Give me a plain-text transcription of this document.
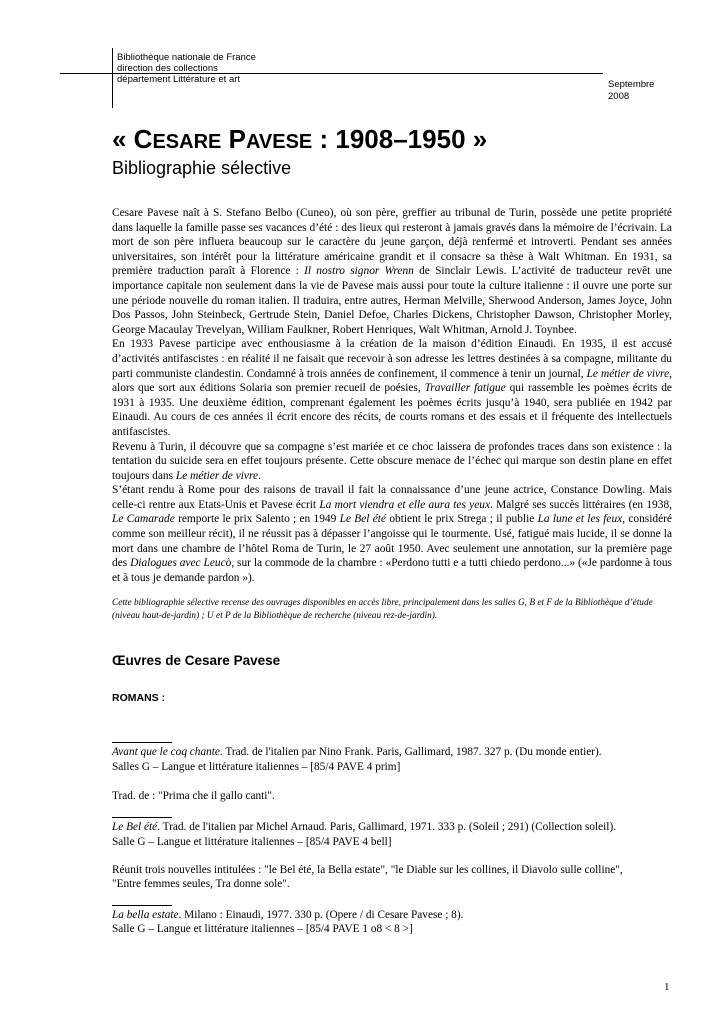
Bibliothèque nationale de France
direction des collections
département Littérature et art	Septembre
2008
« CESARE PAVESE : 1908–1950 »
Bibliographie sélective

Cesare Pavese naît à S. Stefano Belbo (Cuneo), où son père, greffier au tribunal de Turin, possède une petite propriété dans laquelle la famille passe ses vacances d’été : des lieux qui resteront à jamais gravés dans la mémoire de l’écrivain. La mort de son père influera beaucoup sur le caractère du jeune garçon, déjà renfermé et introverti. Pendant ses années universitaires, son intérêt pour la littérature américaine grandit et il consacre sa thèse à Walt Whitman. En 1931, sa première traduction paraît à Florence : Il nostro signor Wrenn de Sinclair Lewis. L’activité de traducteur revêt une importance capitale non seulement dans la vie de Pavese mais aussi pour toute la culture italienne : il ouvre une porte sur une période nouvelle du roman italien. Il traduira, entre autres, Herman Melville, Sherwood Anderson, James Joyce, John Dos Passos, John Steinbeck, Gertrude Stein, Daniel Defoe, Charles Dickens, Christopher Dawson, Christopher Morley, George Macaulay Trevelyan, William Faulkner, Robert Henriques, Walt Whitman, Arnold J. Toynbee.

En 1933 Pavese participe avec enthousiasme à la création de la maison d’édition Einaudi. En 1935, il est accusé d’activités antifascistes : en réalité il ne faisait que recevoir à son adresse les lettres destinées à sa compagne, militante du parti communiste clandestin. Condamné à trois années de confinement, il commence à tenir un journal, Le métier de vivre, alors que sort aux éditions Solaria son premier recueil de poésies, Travailler fatigue qui rassemble les poèmes écrits de 1931 à 1935. Une deuxième édition, comprenant également les poèmes écrits jusqu’à 1940, sera publiée en 1942 par Einaudi. Au cours de ces années il écrit encore des récits, de courts romans et des essais et il fréquente des intellectuels antifascistes.

Revenu à Turin, il découvre que sa compagne s’est mariée et ce choc laissera de profondes traces dans son existence : la tentation du suicide sera en effet toujours présente. Cette obscure menace de l’échec qui marque son destin plane en effet toujours dans Le métier de vivre.

S’étant rendu à Rome pour des raisons de travail il fait la connaissance d’une jeune actrice, Constance Dowling. Mais celle-ci rentre aux Etats-Unis et Pavese écrit La mort viendra et elle aura tes yeux. Malgré ses succès littéraires (en 1938, Le Camarade remporte le prix Salento ; en 1949 Le Bel été obtient le prix Strega ; il publie La lune et les feux, considéré comme son meilleur récit), il ne réussit pas à dépasser l’angoisse qui le tourmente. Usé, fatigué mais lucide, il se donne la mort dans une chambre de l’hôtel Roma de Turin, le 27 août 1950. Avec seulement une annotation, sur la première page des Dialogues avec Leucò, sur la commode de la chambre : «Perdono tutti e a tutti chiedo perdono...» («Je pardonne à tous et à tous je demande pardon »).

Cette bibliographie sélective recense des ouvrages disponibles en accès libre, principalement dans les salles G, B et F de la Bibliothèque d’étude (niveau haut-de-jardin) ; U et P de la Bibliothèque de recherche (niveau rez-de-jardin).
Œuvres de Cesare Pavese
ROMANS :
Avant que le coq chante. Trad. de l'italien par Nino Frank. Paris, Gallimard, 1987. 327 p. (Du monde entier).
Salles G – Langue et littérature italiennes – [85/4 PAVE 4 prim]
Trad. de : "Prima che il gallo canti".
Le Bel été. Trad. de l'italien par Michel Arnaud. Paris, Gallimard, 1971. 333 p. (Soleil ; 291) (Collection soleil).
Salle G – Langue et littérature italiennes – [85/4 PAVE 4 bell]
Réunit trois nouvelles intitulées : "le Bel été, la Bella estate", "le Diable sur les collines, il Diavolo sulle colline",
"Entre femmes seules, Tra donne sole".
La bella estate. Milano : Einaudi, 1977. 330 p. (Opere / di Cesare Pavese ; 8).
Salle G – Langue et littérature italiennes – [85/4 PAVE 1 o8 < 8 >]
1
